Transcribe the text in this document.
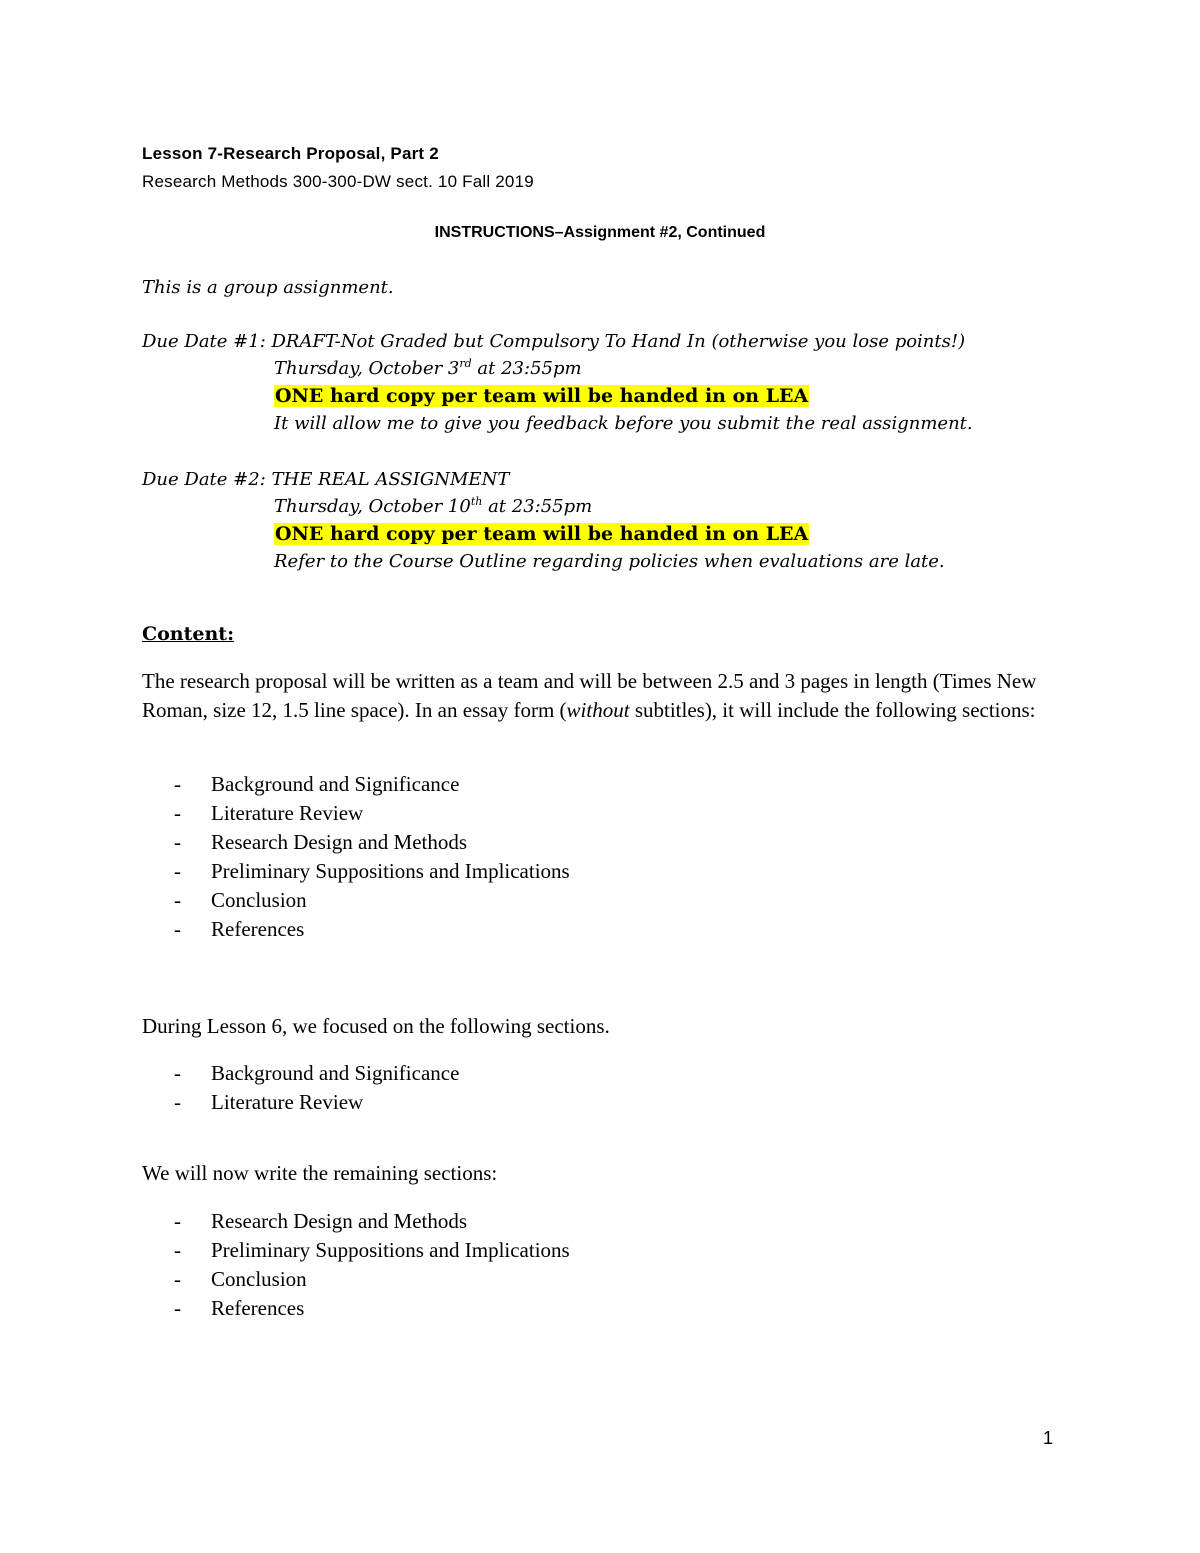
Lesson 7-Research Proposal, Part 2
Research Methods 300-300-DW sect. 10 Fall 2019
INSTRUCTIONS–Assignment #2, Continued
This is a group assignment.
Due Date #1: DRAFT-Not Graded but Compulsory To Hand In (otherwise you lose points!)
Thursday, October 3rd at 23:55pm
ONE hard copy per team will be handed in on LEA
It will allow me to give you feedback before you submit the real assignment.
Due Date #2: THE REAL ASSIGNMENT
Thursday, October 10th at 23:55pm
ONE hard copy per team will be handed in on LEA
Refer to the Course Outline regarding policies when evaluations are late.
Content:

The research proposal will be written as a team and will be between 2.5 and 3 pages in length (Times New Roman, size 12, 1.5 line space). In an essay form (without subtitles), it will include the following sections:

- Background and Significance
- Literature Review
- Research Design and Methods
- Preliminary Suppositions and Implications
- Conclusion
- References
During Lesson 6, we focused on the following sections.
- Background and Significance
- Literature Review
We will now write the remaining sections:
- Research Design and Methods
- Preliminary Suppositions and Implications
- Conclusion
- References
1
